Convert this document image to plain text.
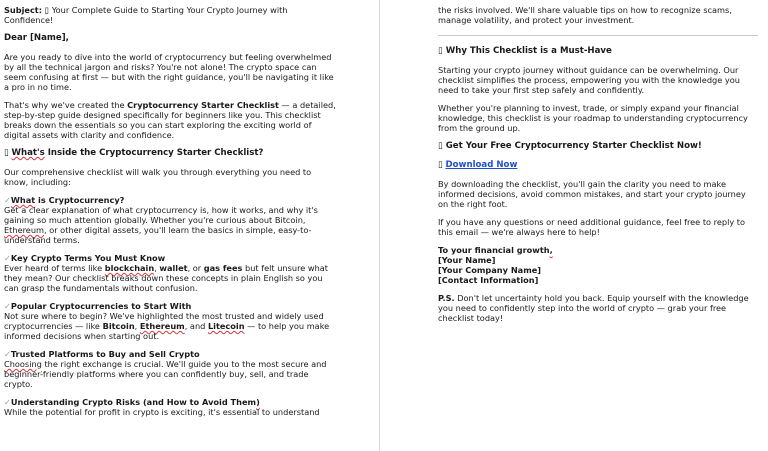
Subject: ▯ Your Complete Guide to Starting Your Crypto Journey with Confidence!

Dear [Name],

Are you ready to dive into the world of cryptocurrency but feeling overwhelmed by all the technical jargon and risks? You're not alone! The crypto space can seem confusing at first — but with the right guidance, you'll be navigating it like a pro in no time.

That's why we've created the Cryptocurrency Starter Checklist — a detailed, step-by-step guide designed specifically for beginners like you. This checklist breaks down the essentials so you can start exploring the exciting world of digital assets with clarity and confidence.

▯ What's Inside the Cryptocurrency Starter Checklist?

Our comprehensive checklist will walk you through everything you need to know, including:

✓What is Cryptocurrency?
Get a clear explanation of what cryptocurrency is, how it works, and why it's gaining so much attention globally. Whether you're curious about Bitcoin, Ethereum, or other digital assets, you'll learn the basics in simple, easy-to-understand terms.
✓Key Crypto Terms You Must Know
Ever heard of terms like blockchain, wallet, or gas fees but felt unsure what they mean? Our checklist breaks down these concepts in plain English so you can grasp the fundamentals without confusion.
✓Popular Cryptocurrencies to Start With
Not sure where to begin? We've highlighted the most trusted and widely used cryptocurrencies — like Bitcoin, Ethereum, and Litecoin — to help you make informed decisions when starting out.
✓Trusted Platforms to Buy and Sell Crypto
Choosing the right exchange is crucial. We'll guide you to the most secure and beginner-friendly platforms where you can confidently buy, sell, and trade crypto.
✓Understanding Crypto Risks (and How to Avoid Them)
While the potential for profit in crypto is exciting, it's essential to understand

the risks involved. We'll share valuable tips on how to recognize scams, manage volatility, and protect your investment.

▯ Why This Checklist is a Must-Have

Starting your crypto journey without guidance can be overwhelming. Our checklist simplifies the process, empowering you with the knowledge you need to take your first step safely and confidently.

Whether you're planning to invest, trade, or simply expand your financial knowledge, this checklist is your roadmap to understanding cryptocurrency from the ground up.

▯ Get Your Free Cryptocurrency Starter Checklist Now!
▯ Download Now

By downloading the checklist, you'll gain the clarity you need to make informed decisions, avoid common mistakes, and start your crypto journey on the right foot.

If you have any questions or need additional guidance, feel free to reply to this email — we're always here to help!

To your financial growth,
[Your Name]
[Your Company Name]
[Contact Information]

P.S. Don't let uncertainty hold you back. Equip yourself with the knowledge you need to confidently step into the world of crypto — grab your free checklist today!
